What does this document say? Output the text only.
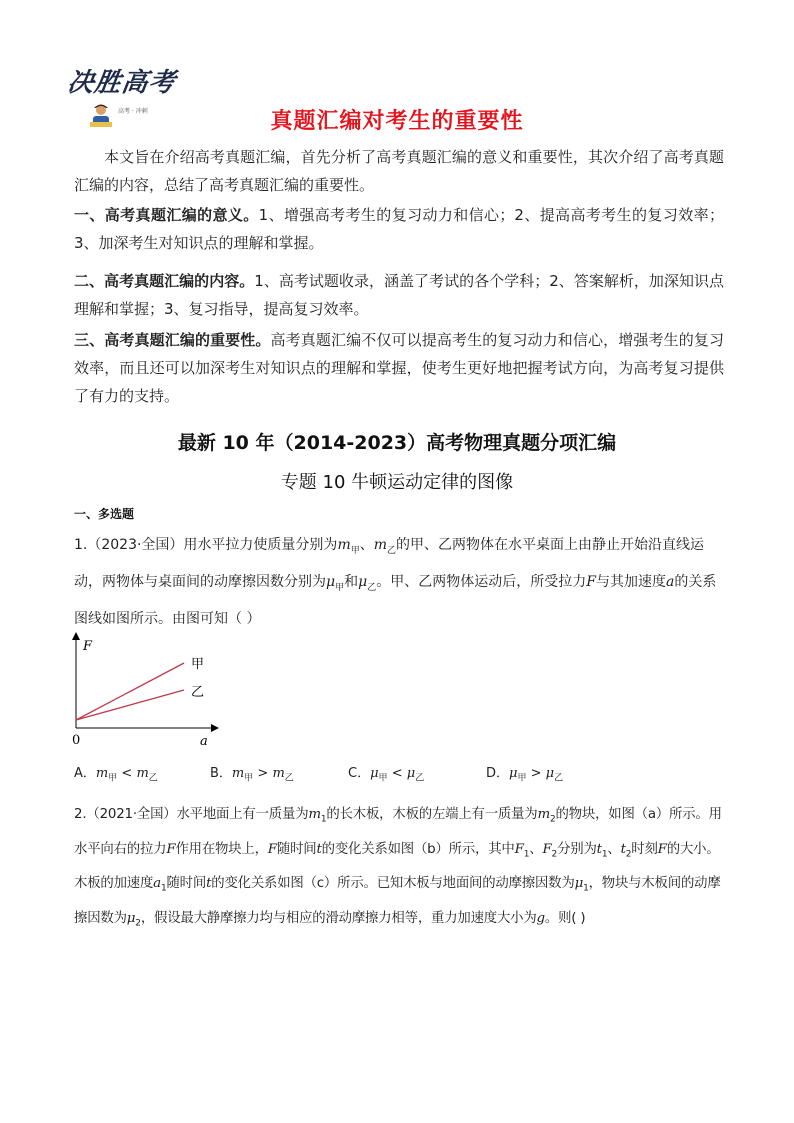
决胜高考
高考 · 冲刺	真题汇编对考生的重要性
本文旨在介绍高考真题汇编，首先分析了高考真题汇编的意义和重要性，其次介绍了高考真题汇编的内容，总结了高考真题汇编的重要性。
一、高考真题汇编的意义。1、增强高考考生的复习动力和信心；2、提高高考考生的复习效率；3、加深考生对知识点的理解和掌握。
二、高考真题汇编的内容。1、高考试题收录，涵盖了考试的各个学科；2、答案解析，加深知识点理解和掌握；3、复习指导，提高复习效率。
三、高考真题汇编的重要性。高考真题汇编不仅可以提高考生的复习动力和信心，增强考生的复习效率，而且还可以加深考生对知识点的理解和掌握，使考生更好地把握考试方向，为高考复习提供了有力的支持。
最新 10 年（2014-2023）高考物理真题分项汇编
专题 10 牛顿运动定律的图像
一、多选题
1.（2023·全国）用水平拉力使质量分别为$m_甲$、$m_乙$的甲、乙两物体在水平桌面上由静止开始沿直线运动，两物体与桌面间的动摩擦因数分别为$\mu_甲$和$\mu_乙$。甲、乙两物体运动后，所受拉力F与其加速度a的关系图线如图所示。由图可知（ ）
F
a
0
甲
乙
A．$m_甲 < m_乙$	B．$m_甲 > m_乙$	C．$\mu_甲 < \mu_乙$	D．$\mu_甲 > \mu_乙$
2.（2021·全国）水平地面上有一质量为$m_1$的长木板，木板的左端上有一质量为$m_2$的物块，如图（a）所示。用水平向右的拉力F作用在物块上，F随时间t的变化关系如图（b）所示，其中$F_1$、$F_2$分别为$t_1$、$t_2$时刻F的大小。木板的加速度$a_1$随时间t的变化关系如图（c）所示。已知木板与地面间的动摩擦因数为$\mu_1$，物块与木板间的动摩擦因数为$\mu_2$，假设最大静摩擦力均与相应的滑动摩擦力相等，重力加速度大小为g。则( )
